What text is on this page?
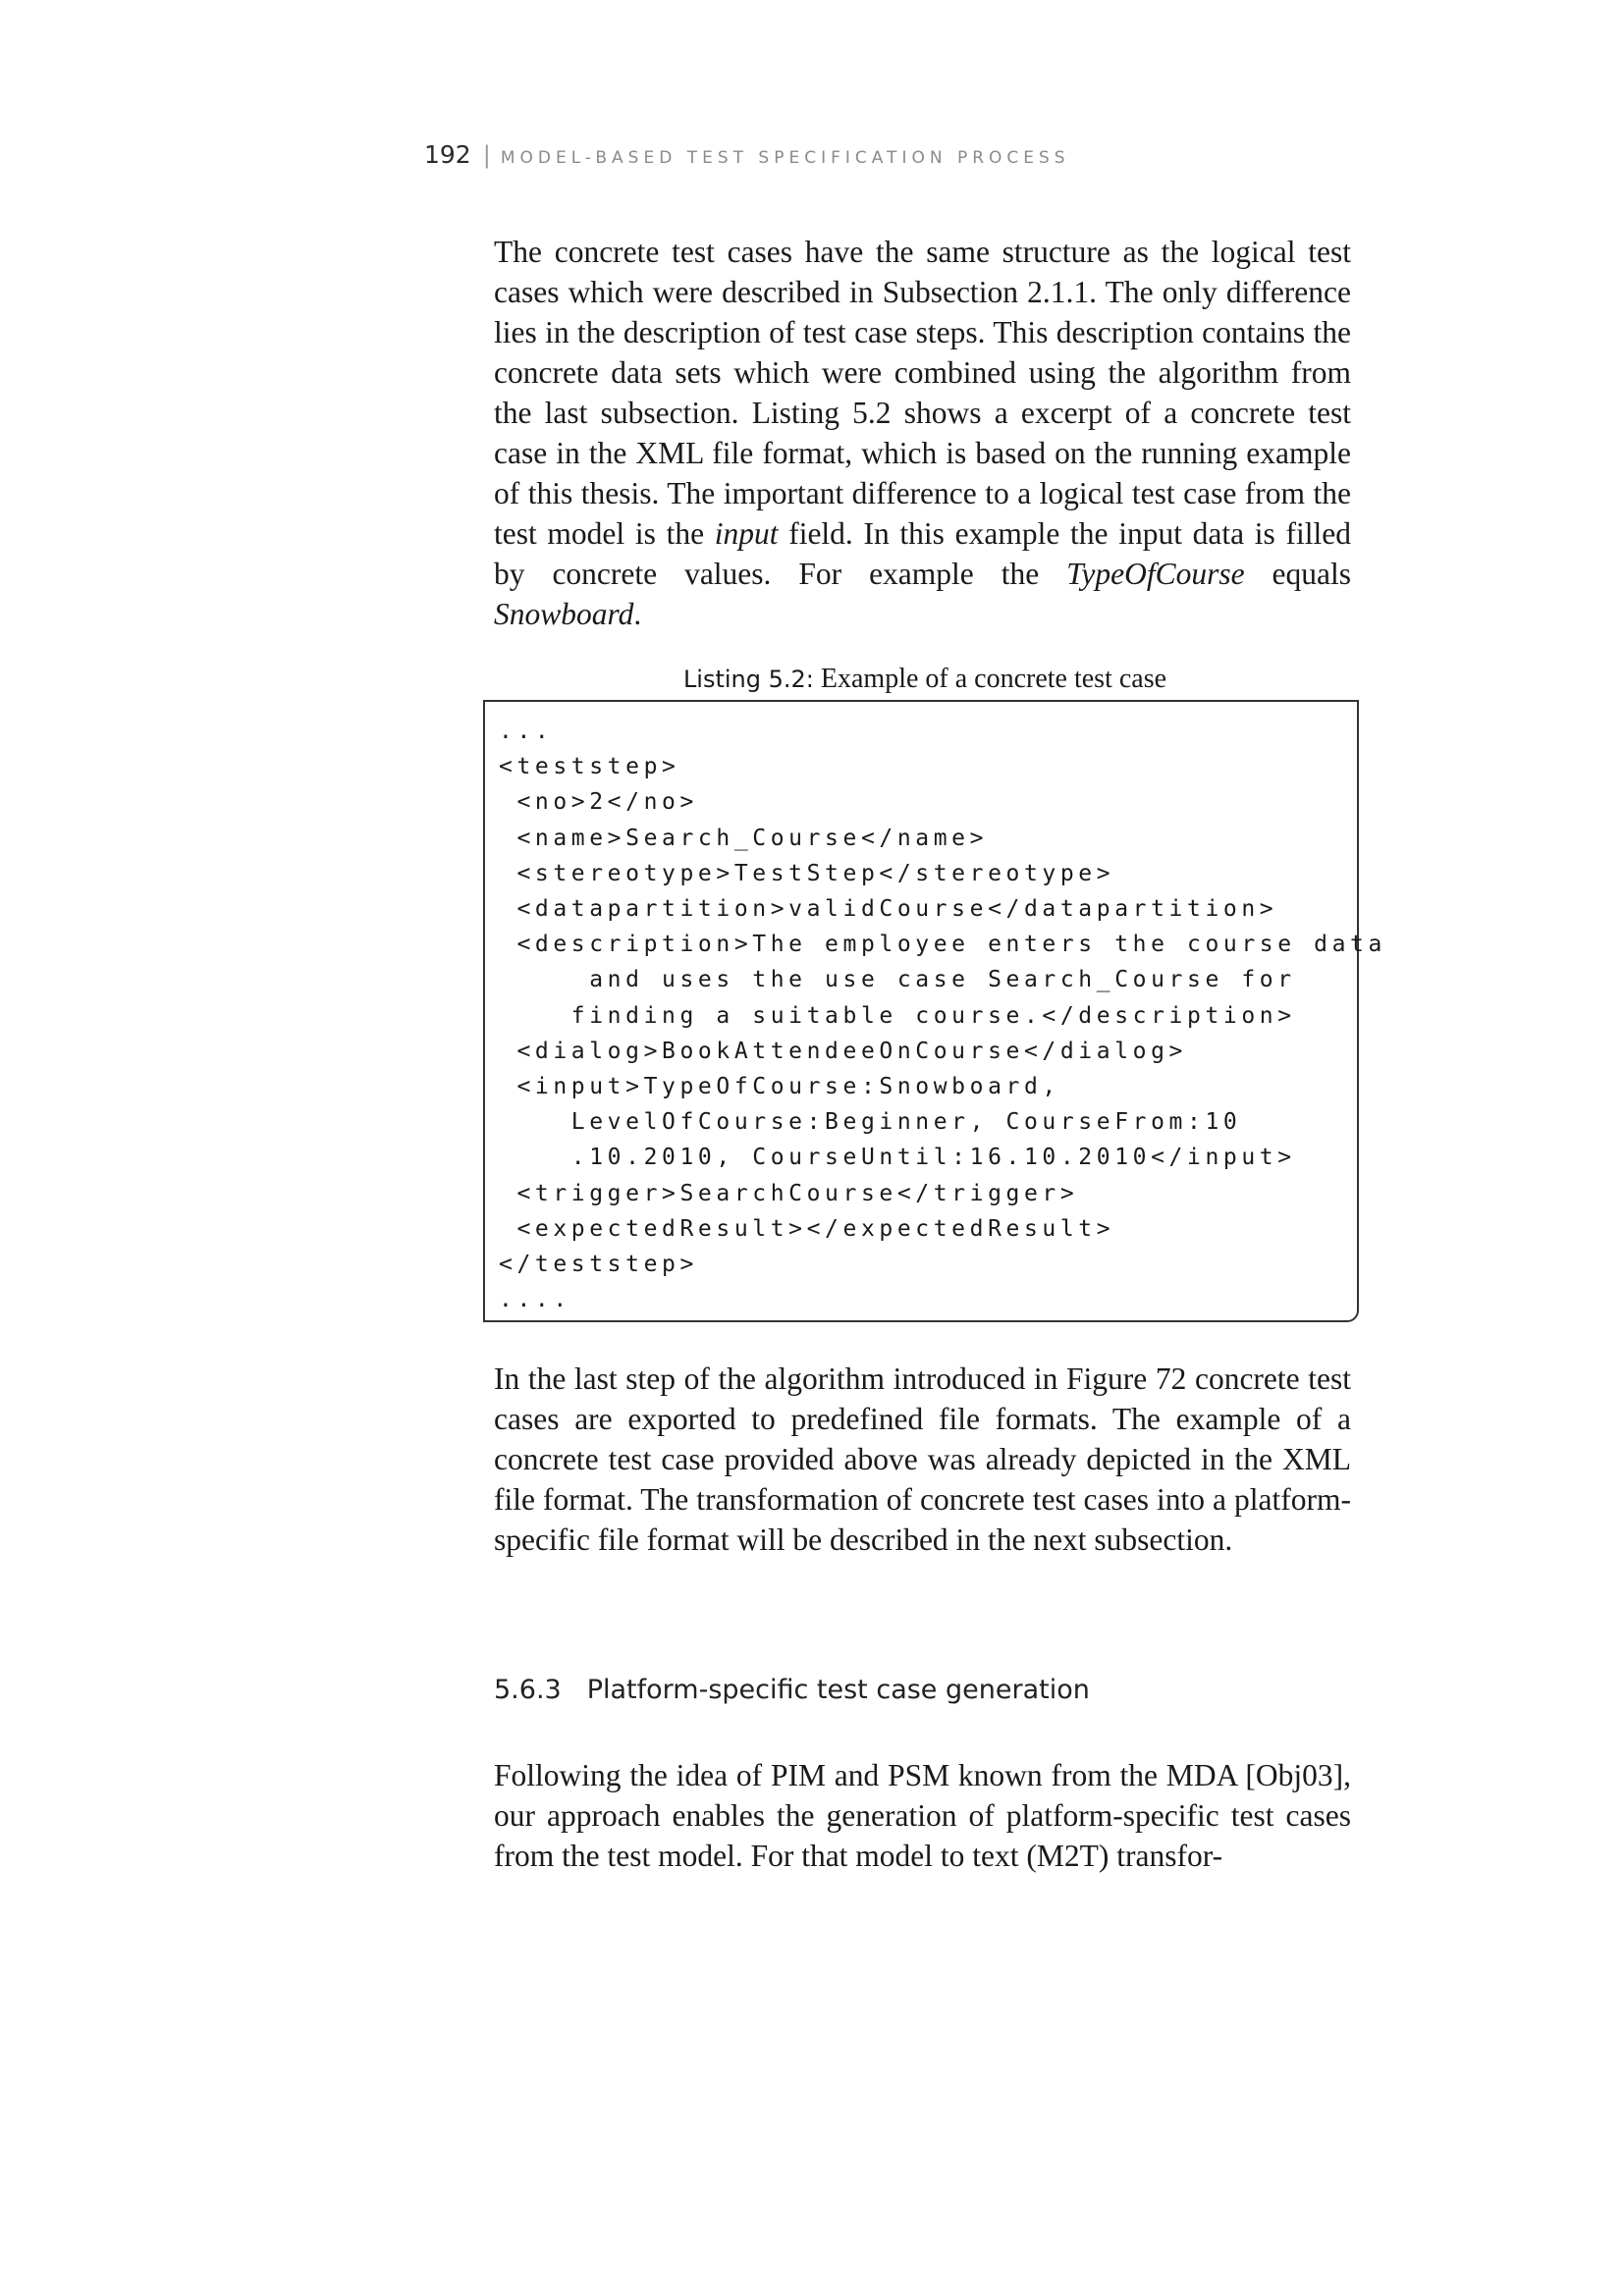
192 | MODEL-BASED TEST SPECIFICATION PROCESS

The concrete test cases have the same structure as the logical test cases which were described in Subsection 2.1.1. The only difference lies in the description of test case steps. This description contains the concrete data sets which were combined using the algorithm from the last subsection. Listing 5.2 shows a excerpt of a concrete test case in the XML file format, which is based on the running example of this thesis. The important difference to a logical test case from the test model is the input field. In this example the input data is filled by concrete values. For example the TypeOfCourse equals Snowboard.

Listing 5.2: Example of a concrete test case
...
<teststep>
<no>2</no>
<name>Search_Course</name>
<stereotype>TestStep</stereotype>
<datapartition>validCourse</datapartition>
<description>The employee enters the course data
and uses the use case Search_Course for
finding a suitable course.</description>
<dialog>BookAttendeeOnCourse</dialog>
<input>TypeOfCourse:Snowboard,
LevelOfCourse:Beginner, CourseFrom:10
.10.2010, CourseUntil:16.10.2010</input>
<trigger>SearchCourse</trigger>
<expectedResult></expectedResult>
</teststep>
....

In the last step of the algorithm introduced in Figure 72 concrete test cases are exported to predefined file formats. The example of a concrete test case provided above was already depicted in the XML file format. The transformation of concrete test cases into a platform-specific file format will be described in the next subsection.

5.6.3 Platform-specific test case generation

Following the idea of PIM and PSM known from the MDA [Obj03], our approach enables the generation of platform-specific test cases from the test model. For that model to text (M2T) transfor-
